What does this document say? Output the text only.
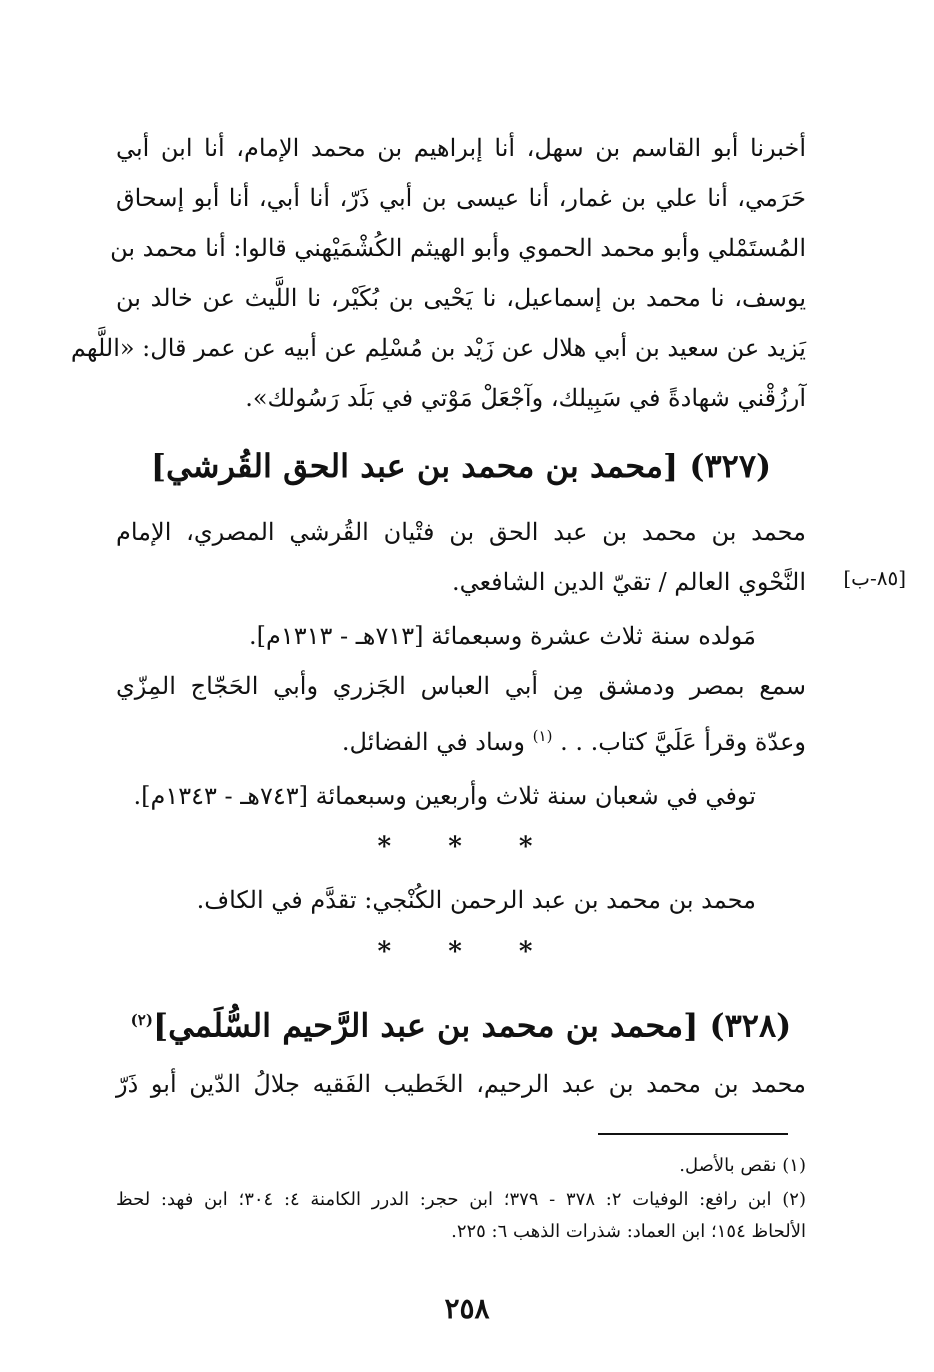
أخبرنا أبو القاسم بن سهل، أنا إبراهيم بن محمد الإمام، أنا ابن أبي
حَرَمي، أنا علي بن غمار، أنا عيسى بن أبي ذَرّ، أنا أبي، أنا أبو إسحاق
المُستَمْلي وأبو محمد الحموي وأبو الهيثم الكُشْمَيْهني قالوا: أنا محمد بن
يوسف، نا محمد بن إسماعيل، نا يَحْيى بن بُكَيْر، نا اللَّيث عن خالد بن
يَزيد عن سعيد بن أبي هلال عن زَيْد بن مُسْلِم عن أبيه عن عمر قال: «اللَّهم
آرزُقْني شهادةً في سَبِيلك، وآجْعَلْ مَوْتي في بَلَد رَسُولك».
(٣٢٧) [محمد بن محمد بن عبد الحق القُرشي]
محمد بن محمد بن عبد الحق بن فتْيان القُرشي المصري، الإمام
النَّحْوي العالم / تقيّ الدين الشافعي.	[٨٥-ب]
مَولده سنة ثلاث عشرة وسبعمائة [٧١٣هـ - ١٣١٣م].
سمع بمصر ودمشق مِن أبي العباس الجَزري وأبي الحَجّاج المِزّي
وعدّة وقرأ عَلَيَّ كتاب. . . $^{(١)}$ وساد في الفضائل.
توفي في شعبان سنة ثلاث وأربعين وسبعمائة [٧٤٣هـ - ١٣٤٣م].
* * *
محمد بن محمد بن عبد الرحمن الكُنْجي: تقدَّم في الكاف.
* * *
(٣٢٨) [محمد بن محمد بن عبد الرَّحيم السُّلَمي]$^{(٢)}$
محمد بن محمد بن عبد الرحيم، الخَطيب الفَقيه جلالُ الدّين أبو ذَرّ
(١) نقص بالأصل.
(٢) ابن رافع: الوفيات ٢: ٣٧٨ - ٣٧٩؛ ابن حجر: الدرر الكامنة ٤: ٣٠٤؛ ابن فهد: لحظ
الألحاظ ١٥٤؛ ابن العماد: شذرات الذهب ٦: ٢٢٥.
٢٥٨
